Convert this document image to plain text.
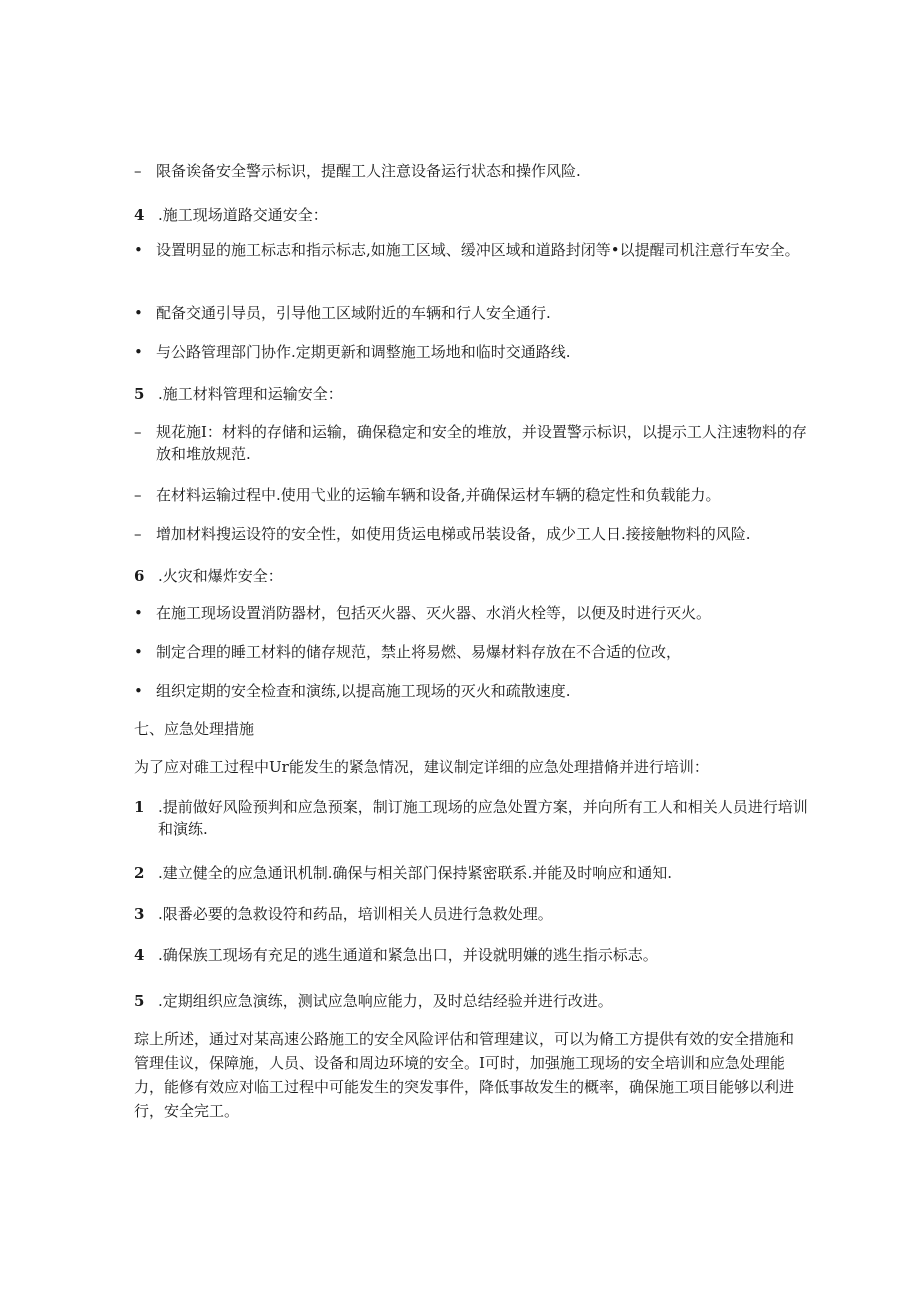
– 限备诶备安全警示标识，提醒工人注意设备运行状态和操作风险.
4 .施工现场道路交通安全：
• 设置明显的施工标志和指示标志,如施工区域、缓冲区域和道路封闭等•以提醒司机注意行车安全。
• 配备交通引导员，引导他工区域附近的车辆和行人安全通行.
• 与公路管理部门协作.定期更新和调整施工场地和临时交通路线.
5 .施工材料管理和运输安全：
– 规花施I：材料的存储和运输，确保稳定和安全的堆放，并设置警示标识，以提示工人注速物料的存放和堆放规范.
– 在材料运输过程中.使用弋业的运输车辆和设备,并确保运材车辆的稳定性和负载能力。
– 增加材料搜运设符的安全性，如使用货运电梯或吊装设备，成少工人日.接接触物料的风险.
6 .火灾和爆炸安全：
• 在施工现场设置消防器材，包括灭火器、灭火器、水消火栓等，以便及时进行灭火。
• 制定合理的睡工材料的储存规范，禁止将易燃、易爆材料存放在不合适的位改，
• 组织定期的安全检查和演练,以提高施工现场的灭火和疏散速度.
七、应急处理措施
为了应对碓工过程中Ur能发生的紧急情况，建议制定详细的应急处理措脩并进行培训：
1 .提前做好风险预判和应急预案，制订施工现场的应急处置方案，并向所有工人和相关人员进行培训和演练.
2 .建立健全的应急通讯机制.确保与相关部门保持紧密联系.并能及时响应和通知.
3 .限番必要的急救设符和药品，培训相关人员进行急救处理。
4 .确保族工现场有充足的逃生通道和紧急出口，并设就明嫌的逃生指示标志。
5 .定期组织应急演练，测试应急响应能力，及时总结经验并进行改进。
琮上所述，通过对某高速公路施工的安全风险评估和管理建议，可以为脩工方提供有效的安全措施和管理佳议，保障施，人员、设备和周边环境的安全。I可时，加强施工现场的安全培训和应急处理能力，能修有效应对临工过程中可能发生的突发事件，降低事故发生的概率，确保施工项目能够以利进行，安全完工。
